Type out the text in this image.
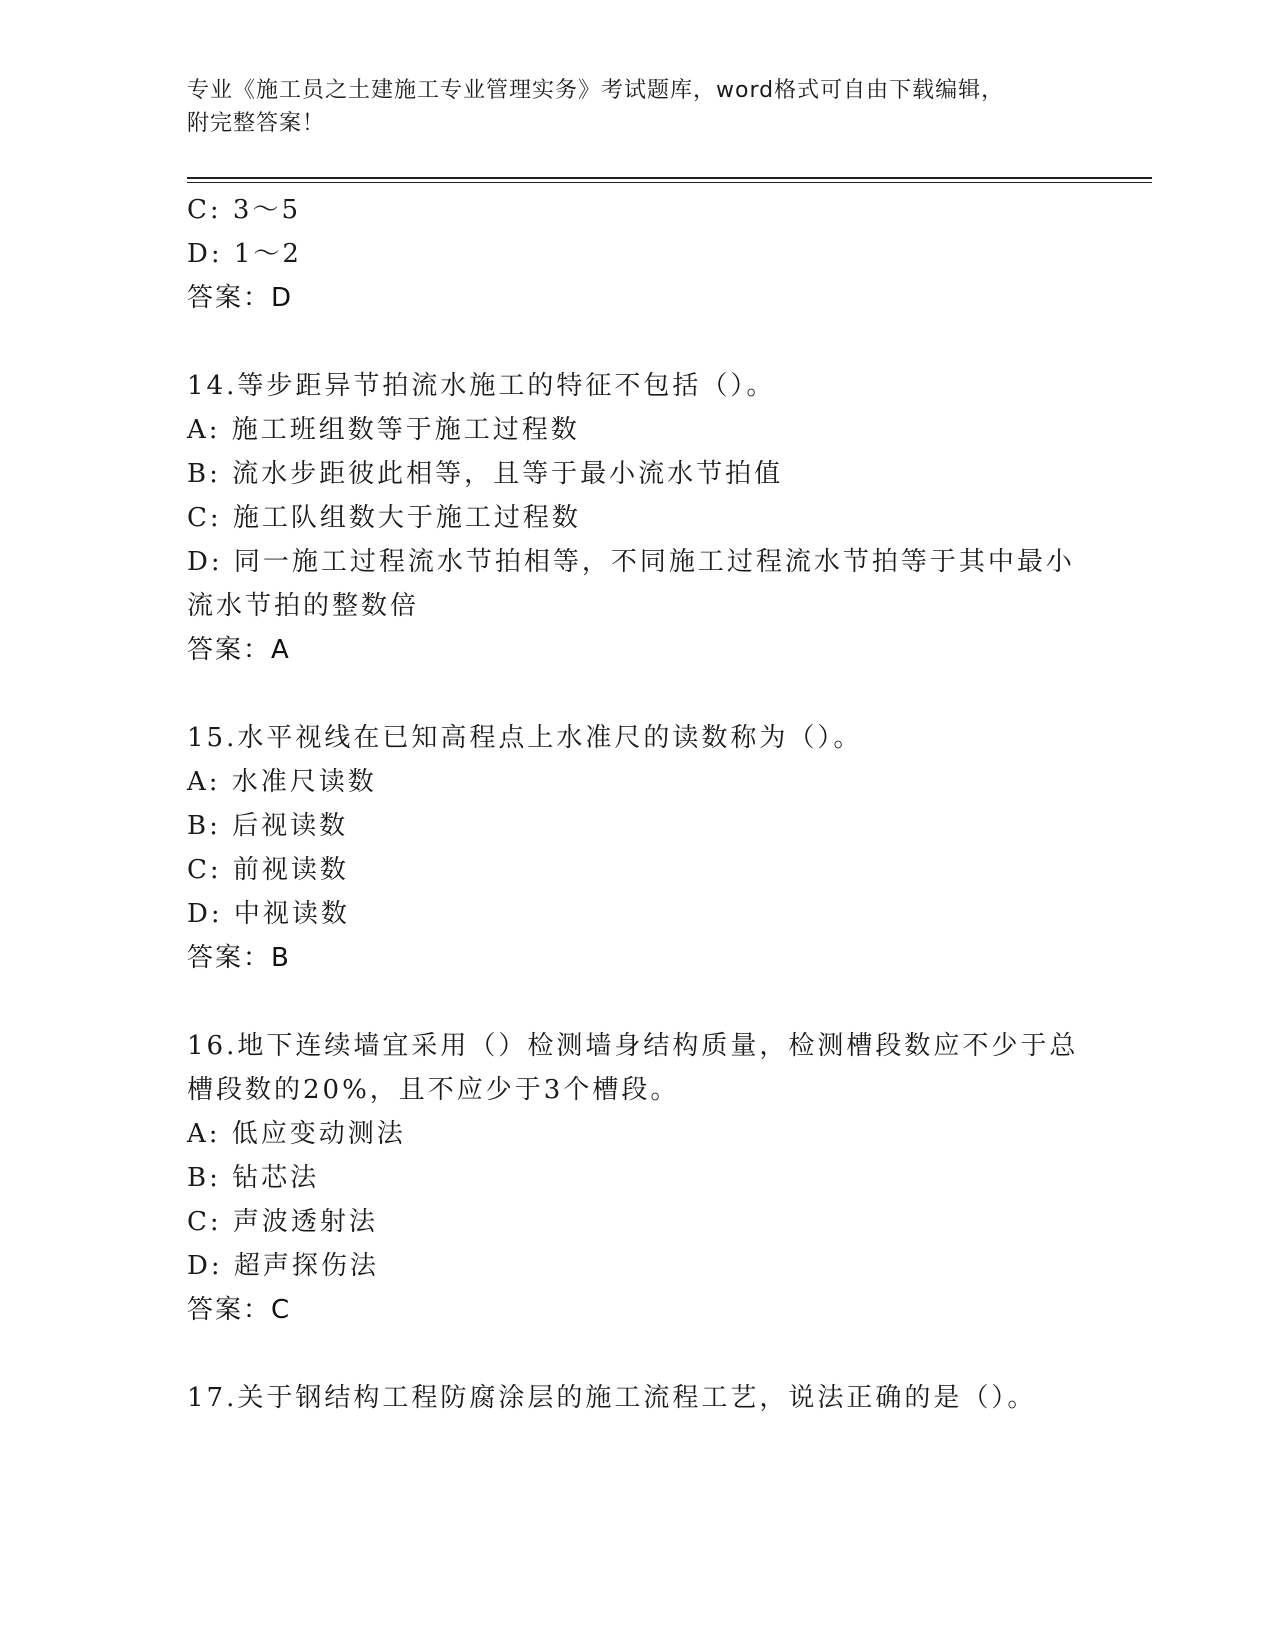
专业《施工员之土建施工专业管理实务》考试题库，word格式可自由下载编辑，
附完整答案！
C: 3～5
D: 1～2
答案：D
14.等步距异节拍流水施工的特征不包括（）。
A: 施工班组数等于施工过程数
B: 流水步距彼此相等，且等于最小流水节拍值
C: 施工队组数大于施工过程数
D: 同一施工过程流水节拍相等，不同施工过程流水节拍等于其中最小
流水节拍的整数倍
答案：A
15.水平视线在已知高程点上水准尺的读数称为（）。
A: 水准尺读数
B: 后视读数
C: 前视读数
D: 中视读数
答案：B
16.地下连续墙宜采用（）检测墙身结构质量，检测槽段数应不少于总
槽段数的20%，且不应少于3个槽段。
A: 低应变动测法
B: 钻芯法
C: 声波透射法
D: 超声探伤法
答案：C
17.关于钢结构工程防腐涂层的施工流程工艺，说法正确的是（）。
